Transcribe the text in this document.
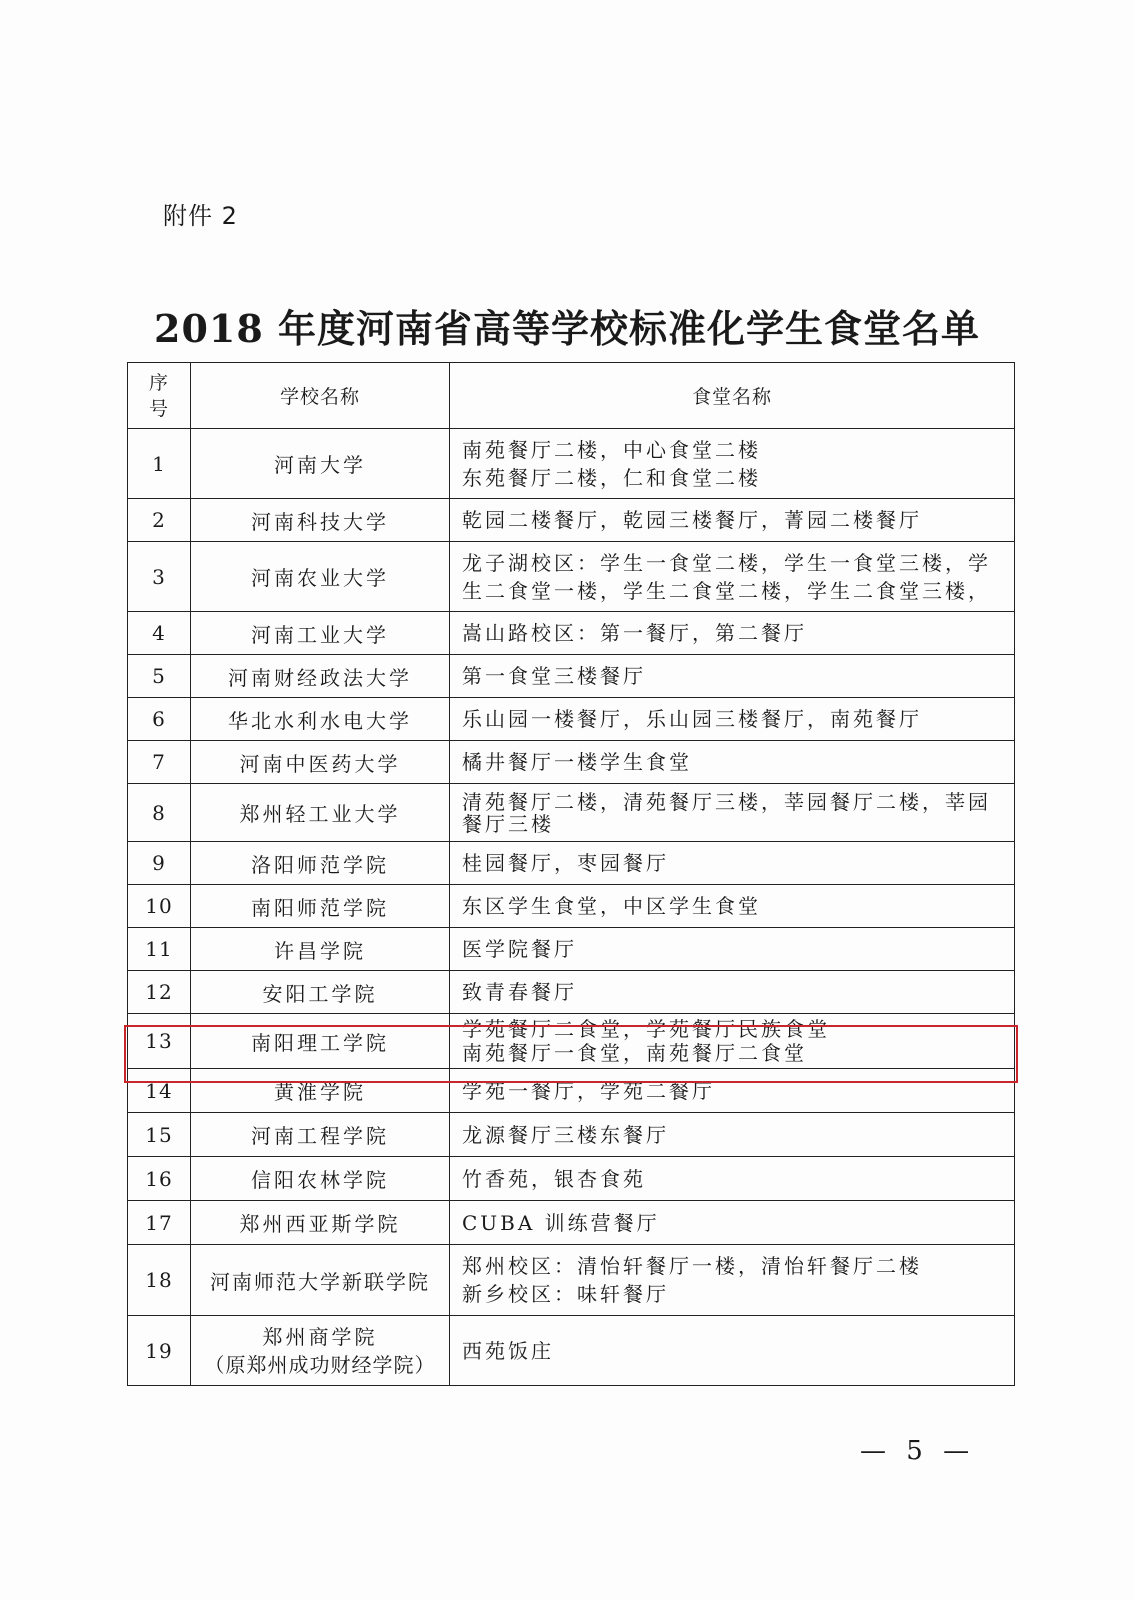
附件 2
2018 年度河南省高等学校标准化学生食堂名单
序
号	学校名称	食堂名称
1	河南大学	南苑餐厅二楼，中心食堂二楼
东苑餐厅二楼，仁和食堂二楼

2	河南科技大学	乾园二楼餐厅，乾园三楼餐厅，菁园二楼餐厅

3	河南农业大学	龙子湖校区：学生一食堂二楼，学生一食堂三楼，学
生二食堂一楼，学生二食堂二楼，学生二食堂三楼，

4	河南工业大学	嵩山路校区：第一餐厅，第二餐厅

5	河南财经政法大学	第一食堂三楼餐厅

6	华北水利水电大学	乐山园一楼餐厅，乐山园三楼餐厅，南苑餐厅

7	河南中医药大学	橘井餐厅一楼学生食堂

8	郑州轻工业大学	清苑餐厅二楼，清苑餐厅三楼，莘园餐厅二楼，莘园
餐厅三楼

9	洛阳师范学院	桂园餐厅，枣园餐厅

10	南阳师范学院	东区学生食堂，中区学生食堂

11	许昌学院	医学院餐厅

12	安阳工学院	致青春餐厅

13	南阳理工学院	学苑餐厅二食堂，学苑餐厅民族食堂
南苑餐厅一食堂，南苑餐厅二食堂

14	黄淮学院	学苑一餐厅，学苑二餐厅

15	河南工程学院	龙源餐厅三楼东餐厅

16	信阳农林学院	竹香苑，银杏食苑

17	郑州西亚斯学院	CUBA 训练营餐厅

18	河南师范大学新联学院	郑州校区：清怡轩餐厅一楼，清怡轩餐厅二楼
新乡校区：味轩餐厅

19	郑州商学院
（原郑州成功财经学院）	西苑饭庄
— 5 —
